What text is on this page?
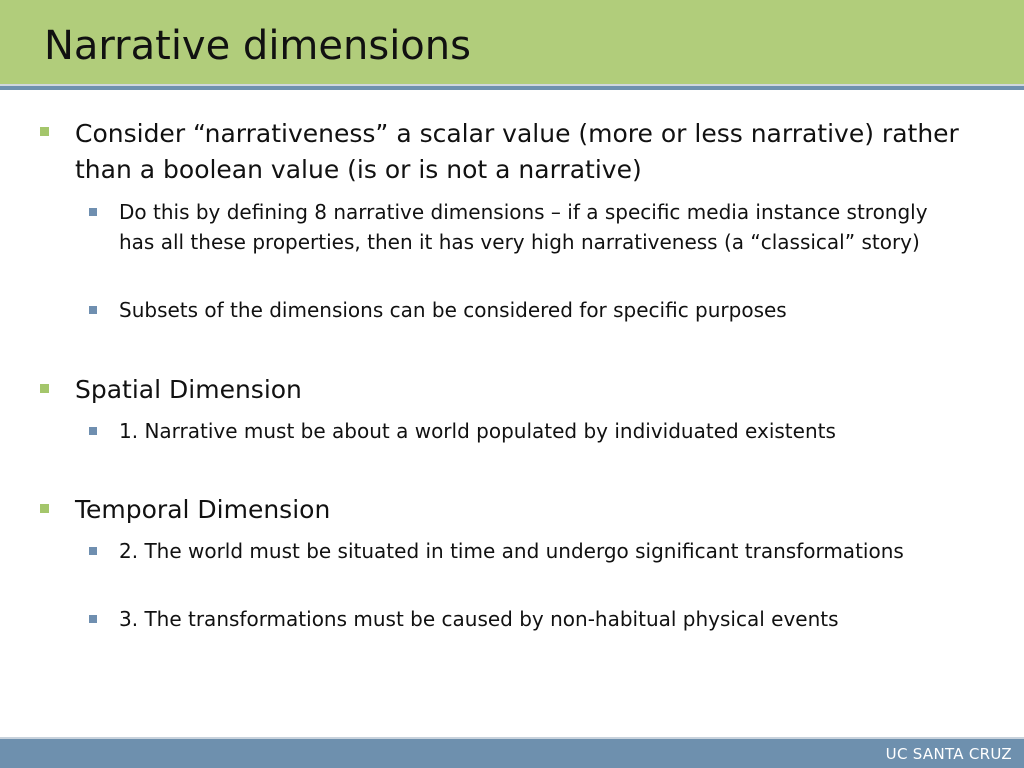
Narrative dimensions
Consider “narrativeness” a scalar value (more or less narrative) rather than a boolean value (is or is not a narrative)
Do this by defining 8 narrative dimensions – if a specific media instance strongly has all these properties, then it has very high narrativeness (a “classical” story)
Subsets of the dimensions can be considered for specific purposes
Spatial Dimension
1. Narrative must be about a world populated by individuated existents
Temporal Dimension
2. The world must be situated in time and undergo significant transformations
3. The transformations must be caused by non-habitual physical events
UC SANTA CRUZ
